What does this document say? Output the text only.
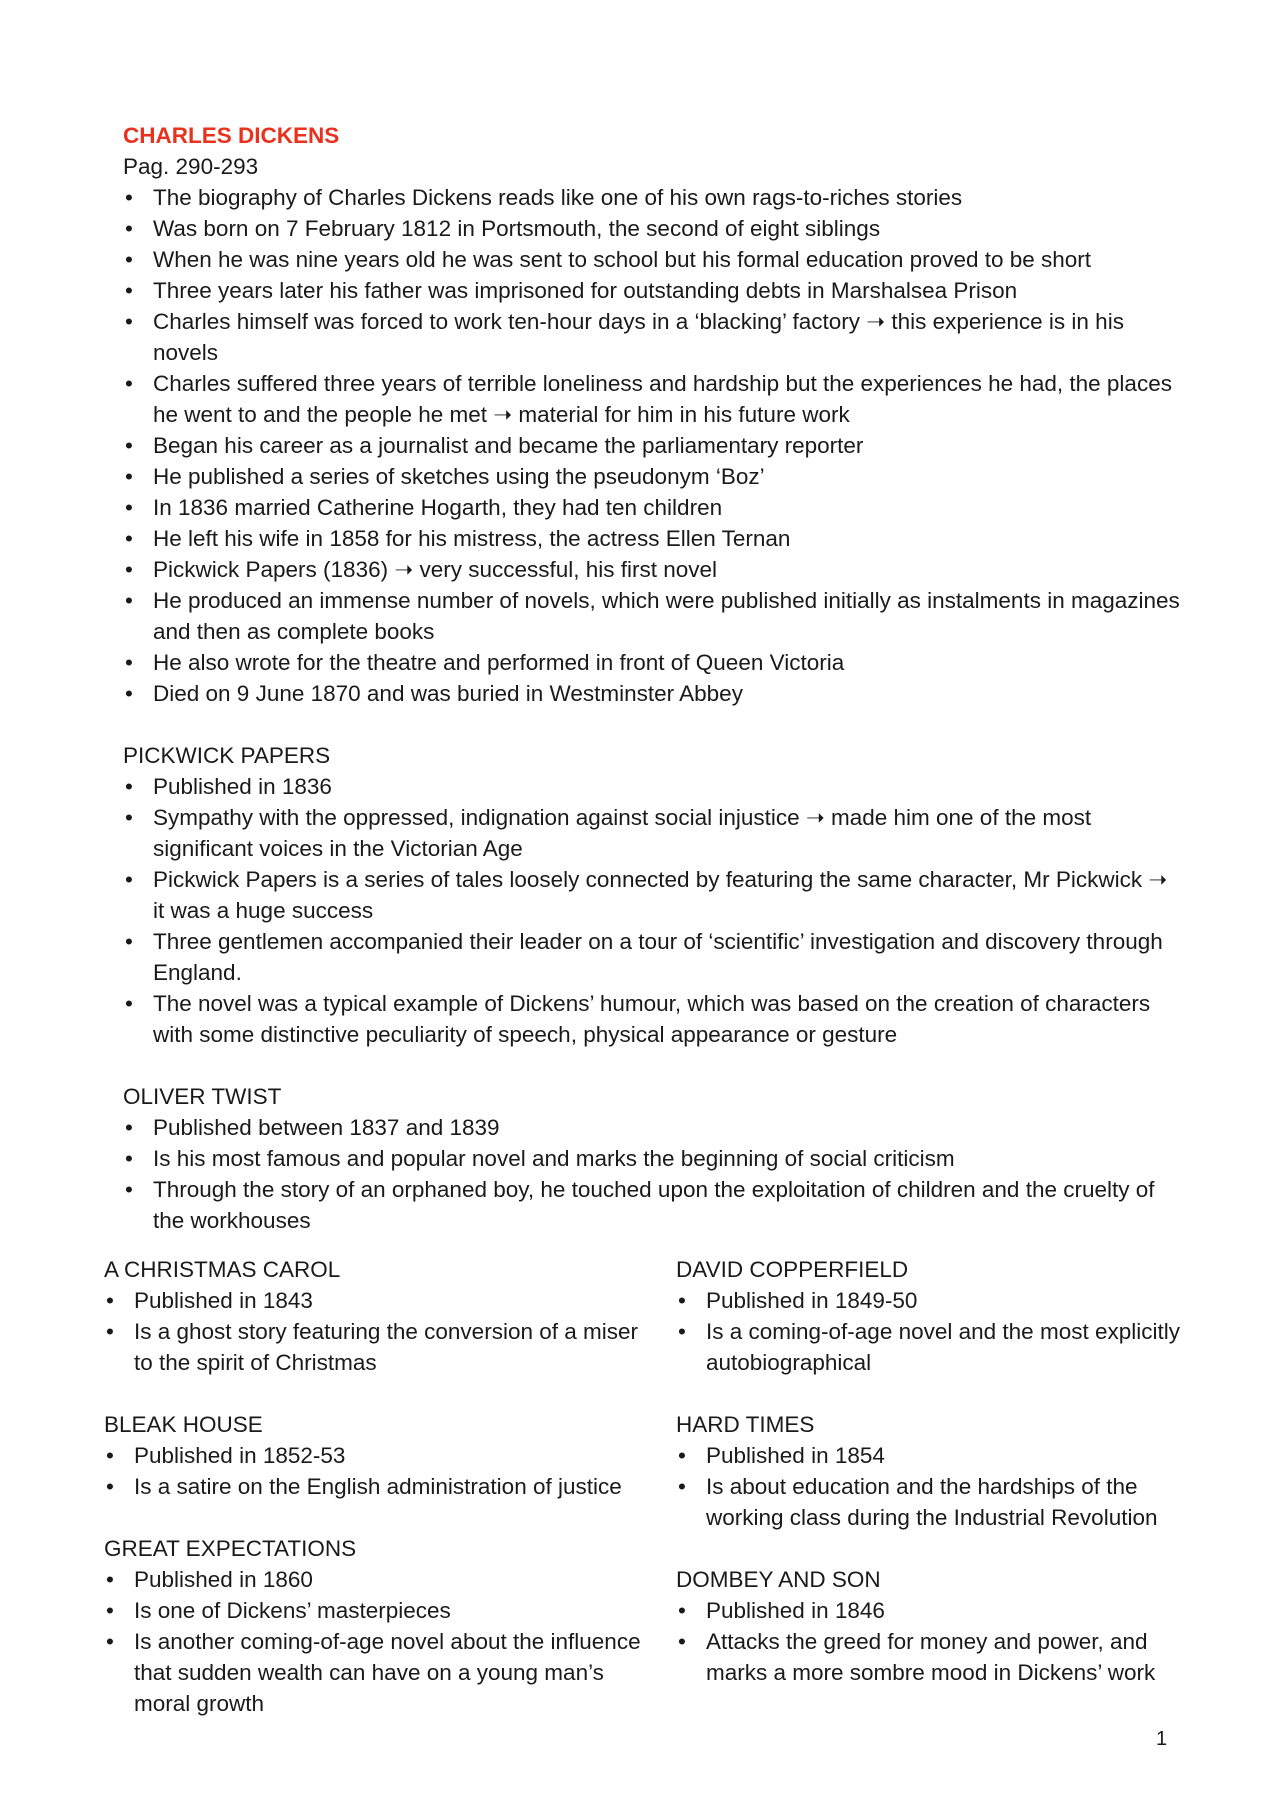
CHARLES DICKENS

Pag. 290-293

• The biography of Charles Dickens reads like one of his own rags-to-riches stories
• Was born on 7 February 1812 in Portsmouth, the second of eight siblings
• When he was nine years old he was sent to school but his formal education proved to be short
• Three years later his father was imprisoned for outstanding debts in Marshalsea Prison
• Charles himself was forced to work ten-hour days in a ‘blacking’ factory ➝ this experience is in his novels
• Charles suffered three years of terrible loneliness and hardship but the experiences he had, the places he went to and the people he met ➝ material for him in his future work
• Began his career as a journalist and became the parliamentary reporter
• He published a series of sketches using the pseudonym ‘Boz’
• In 1836 married Catherine Hogarth, they had ten children
• He left his wife in 1858 for his mistress, the actress Ellen Ternan
• Pickwick Papers (1836) ➝ very successful, his first novel
• He produced an immense number of novels, which were published initially as instalments in magazines and then as complete books
• He also wrote for the theatre and performed in front of Queen Victoria
• Died on 9 June 1870 and was buried in Westminster Abbey

PICKWICK PAPERS

• Published in 1836
• Sympathy with the oppressed, indignation against social injustice ➝ made him one of the most significant voices in the Victorian Age
• Pickwick Papers is a series of tales loosely connected by featuring the same character, Mr Pickwick ➝ it was a huge success
• Three gentlemen accompanied their leader on a tour of ‘scientific’ investigation and discovery through England.
• The novel was a typical example of Dickens’ humour, which was based on the creation of characters with some distinctive peculiarity of speech, physical appearance or gesture

OLIVER TWIST

• Published between 1837 and 1839
• Is his most famous and popular novel and marks the beginning of social criticism
• Through the story of an orphaned boy, he touched upon the exploitation of children and the cruelty of the workhouses

A CHRISTMAS CAROL

• Published in 1843
• Is a ghost story featuring the conversion of a miser to the spirit of Christmas

BLEAK HOUSE

• Published in 1852-53
• Is a satire on the English administration of justice

GREAT EXPECTATIONS

• Published in 1860
• Is one of Dickens’ masterpieces
• Is another coming-of-age novel about the influence that sudden wealth can have on a young man’s moral growth

DAVID COPPERFIELD

• Published in 1849-50
• Is a coming-of-age novel and the most explicitly autobiographical

HARD TIMES

• Published in 1854
• Is about education and the hardships of the working class during the Industrial Revolution

DOMBEY AND SON

• Published in 1846
• Attacks the greed for money and power, and marks a more sombre mood in Dickens’ work
1
